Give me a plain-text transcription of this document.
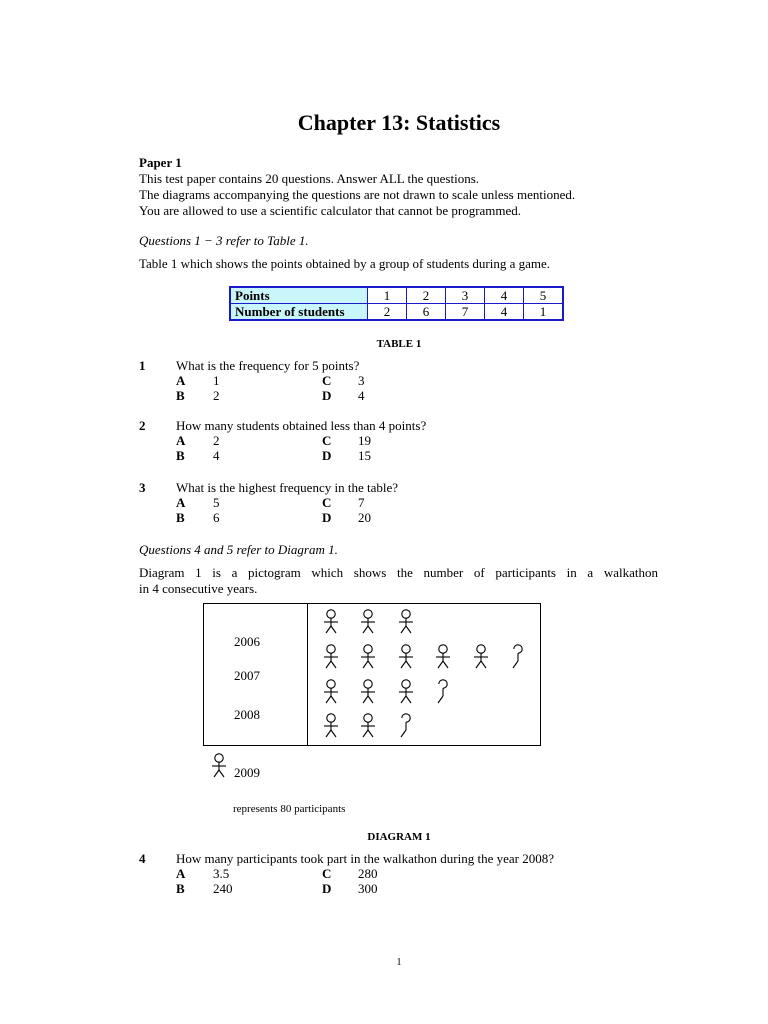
Chapter 13: Statistics
Paper 1
This test paper contains 20 questions. Answer ALL the questions.
The diagrams accompanying the questions are not drawn to scale unless mentioned.
You are allowed to use a scientific calculator that cannot be programmed.
Questions 1 − 3 refer to Table 1.
Table 1 which shows the points obtained by a group of students during a game.
Points	1	2	3	4	5
Number of students	2	6	7	4	1
TABLE 1
1 What is the frequency for 5 points?
A 1	C 3
B 2	D 4
2 How many students obtained less than 4 points?
A 2	C 19
B 4	D 15
3 What is the highest frequency in the table?
A 5	C 7
B 6	D 20
Questions 4 and 5 refer to Diagram 1.
Diagram 1 is a pictogram which shows the number of participants in a walkathon
in 4 consecutive years.
2006
2007
2008
2009
represents 80 participants
DIAGRAM 1
4 How many participants took part in the walkathon during the year 2008?
A 3.5	C 280
B 240	D 300
1
